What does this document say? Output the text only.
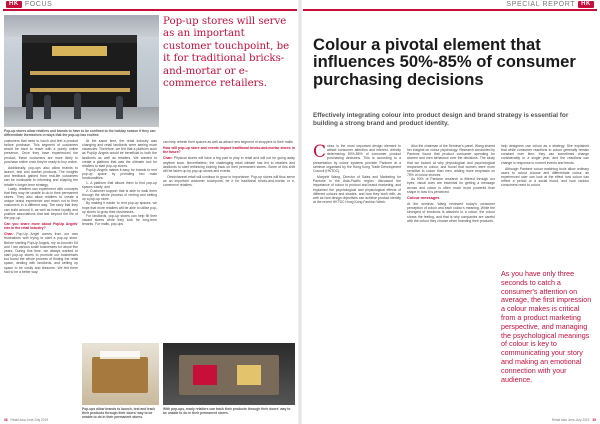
HK FOCUS
Pop-up stores allow retailers and brands to have to be confined to the holiday season if they can differentiate themselves in ways that the pop-up has excited.
Pop-up stores will serve as an important customer touchpoint, be it for traditional bricks-and-mortar or e-commerce retailers.

customers that need to touch and feel a product before purchase. This segment of customers would be hard to reach with a purely online presence. Once they have experienced the product, these customers are more likely to purchase online once they're ready to buy online.

Additionally, pop-ups also allow brands to launch, test and market products. The insights and feedback gained from real-life customers can be invaluable to informing and shaping the retailer's longer-term strategy.

Lastly, retailers can experiment with concepts that they may be unable to do in their permanent stores. They also allow retailers to create a unique brand experience and reach out to their customers in a different way. The story that they can build around it, as well as brand loyalty and positive associations that last beyond the life of the pop-up.

Can you share more about PopUp Angels' role in the retail industry?

Chan: Pop-Up Angel comes from our own frustrations with trying to start a pop-up store. Before starting PopUp Angels, my co-founder Kit and I ran various small businesses for about five years. During this time, we always wanted to start pop-up stores to promote our businesses but found the whole process of finding the retail space, dealing with landlords, and setting up space to be costly and tiresome. We felt there had to be a better way.

At the same time, the retail industry was changing and retail landlords were seeing more vacancies. Therefore, we felt that a platform such as PopUp Angels would be beneficial to both the landlords as well as retailers. We wanted to create a platform that was the ultimate tool for retailers to start pop-up stores.

PopUp Angels makes it easy for brands to rent pop-up space by providing two main functionalities:

1. A platform that allows them to find pop-up spaces easily; and

2. Customer support that is able to walk them through the whole process of renting and setting up a pop-up store.

By making it easier to rent pop-up spaces, we hope that more retailers will be able to utilise pop-up stores to grow their businesses.

For landlords, pop-up stores can help fill their vacant stores while they look for long-term tenants. For malls, pop-ups

can help refresh their spaces as well as attract new segment of shoppers to their malls.

How will pop-up store and events impact traditional bricks-and-mortar stores in the future?

Chan: Physical stores will have a big part to play in retail and will not be going away anytime soon. Nevertheless, the challenging retail climate has led to retailers and landlords to start rethinking looking back on their permanent stores. Some of this shift will be taken up by pop-up stores and events.

Omnichannel retail will continue to grow in importance. Pop-up stores will thus serve as an important customer touchpoint, be it for traditional bricks-and-mortar or e-commerce retailers.

Pop-ups allow brands to launch, test and track their products through their doors' way to be unable to do in their permanent stores.
With pop-ups, ready retailers can track their products through their doors' way to be unable to do in their permanent stores.
38 Retail Asia June-July 2019
SPECIAL REPORT	HK
Colour a pivotal element that influences 50%-85% of consumer purchasing decisions
Effectively integrating colour into product design and brand strategy is essential for building a strong brand and product identity.
C olour is the most important design element to attract consumer attention and interest, directly determining 50%-85% of consumer product purchasing decisions. This is according to a presentation by colour systems provider Pantone at a seminar organised by the Hong Kong Trade Development Council (HKTDC).

Marjorie Wang, Director of Sales and Marketing for Pantone in the Asia-Pacific region, discussed the importance of colour to product and brand marketing, and explained the psychological and physiological effects of different colours and shades, and how they work with, as well as how design objectives can achieve product identity at the recent HKTDC Hong Kong Fashion Week.

Also the chairman of the Seminar's panel, Wang shared her insights on colour psychology. Research conducted by Pantone found that product consumer spending for women and men behaviour over the decisions. The study that we looked at why physiological and psychological responses to colour, and found that women were more sensitive to colour than men, adding more emphasis on 75% of colour choices.

As 90% of Pantone research is filtered through our eyes, visual cues are essential for getting a message across and colour is often much more powerful than shape in how it is perceived.

Colour messages

At the seminar, Wang reviewed today's consumer perception of colour and each colour's meaning. While the strongest of emotions is attached to a colour, the colour shows the feeling, and that is why companies are careful with the colour they choose when branding their products.

help designers use colour as a strategy. She explained that while consumer reactions to colour generally remain constant over time, they can sometimes change considerably in a single year, and the reactions can change in response to current events and trends.

Although Pantone colour matching tools allow ordinary users to colour choose and differentiate colour, an experienced user can look at the effect how colour can reflect a period or a social mood, and how various consumers react to colour.

As you have only three seconds to catch a consumer's attention on average, the first impression a colour makes is critical from a product marketing perspective, and managing the psychological meanings of colour is key to communicating your story and making an emotional connection with your audience.
Retail Asia June-July 2019 39
